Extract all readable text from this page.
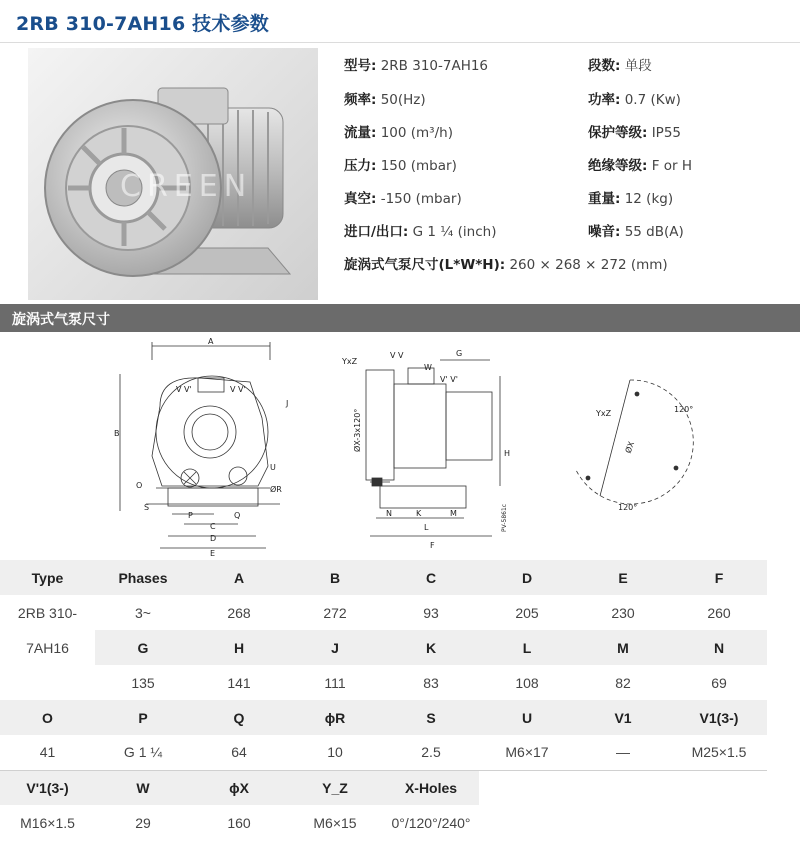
2RB 310-7AH16 技术参数
CREEN
型号: 2RB 310-7AH16	段数: 单段
频率: 50(Hz)	功率: 0.7 (Kw)
流量: 100 (m³/h)	保护等级: IP55
压力: 150 (mbar)	绝缘等级: F or H
真空: -150 (mbar)	重量: 12 (kg)
进口/出口: G 1 ¼ (inch)	噪音: 55 dB(A)
旋涡式气泵尺寸(L*W*H): 260 × 268 × 272 (mm)
旋涡式气泵尺寸
A
B
V V'	V V'
P	Q
C
D
E
O
S
J
U
ØR
YxZ
V V
W
V' V'
G
H
ØX-3x120°
N	K
L
M
F
PV-5861c
YxZ
ØX
120°
120°
Type	Phases	A	B	C	D	E	F
2RB 310-	3~	268	272	93	205	230	260
7AH16	G	H	J	K	L	M	N
	135	141	111	83	108	82	69
O	P	Q	ϕR	S	U	V1	V1(3-)
41	G 1 ¼	64	10	2.5	M6×17	—	M25×1.5
V'1(3-)	W	ϕX	Y_Z	X-Holes			
M16×1.5	29	160	M6×15	0°/120°/240°			
